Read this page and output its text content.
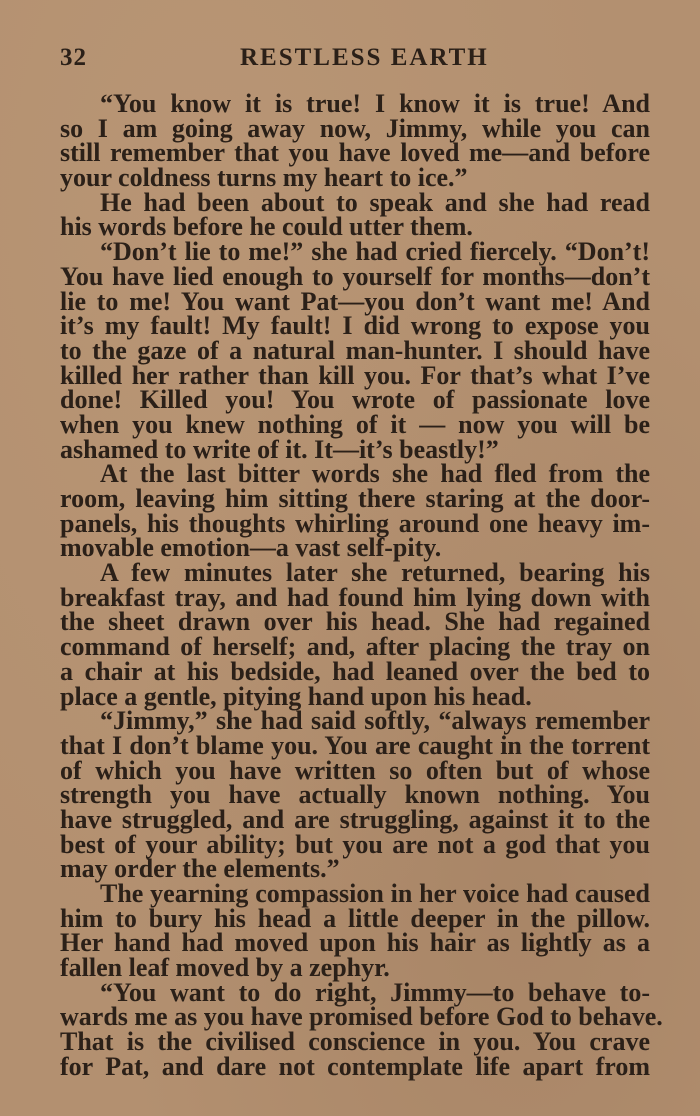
32	RESTLESS EARTH
“You know it is true! I know it is true! And
so I am going away now, Jimmy, while you can
still remember that you have loved me—and before
your coldness turns my heart to ice.”
He had been about to speak and she had read
his words before he could utter them.
“Don’t lie to me!” she had cried fiercely. “Don’t!
You have lied enough to yourself for months—don’t
lie to me! You want Pat—you don’t want me! And
it’s my fault! My fault! I did wrong to expose you
to the gaze of a natural man-hunter. I should have
killed her rather than kill you. For that’s what I’ve
done! Killed you! You wrote of passionate love
when you knew nothing of it — now you will be
ashamed to write of it. It—it’s beastly!”
At the last bitter words she had fled from the
room, leaving him sitting there staring at the door-
panels, his thoughts whirling around one heavy im-
movable emotion—a vast self-pity.
A few minutes later she returned, bearing his
breakfast tray, and had found him lying down with
the sheet drawn over his head. She had regained
command of herself; and, after placing the tray on
a chair at his bedside, had leaned over the bed to
place a gentle, pitying hand upon his head.
“Jimmy,” she had said softly, “always remember
that I don’t blame you. You are caught in the torrent
of which you have written so often but of whose
strength you have actually known nothing. You
have struggled, and are struggling, against it to the
best of your ability; but you are not a god that you
may order the elements.”
The yearning compassion in her voice had caused
him to bury his head a little deeper in the pillow.
Her hand had moved upon his hair as lightly as a
fallen leaf moved by a zephyr.
“You want to do right, Jimmy—to behave to-
wards me as you have promised before God to behave.
That is the civilised conscience in you. You crave
for Pat, and dare not contemplate life apart from
